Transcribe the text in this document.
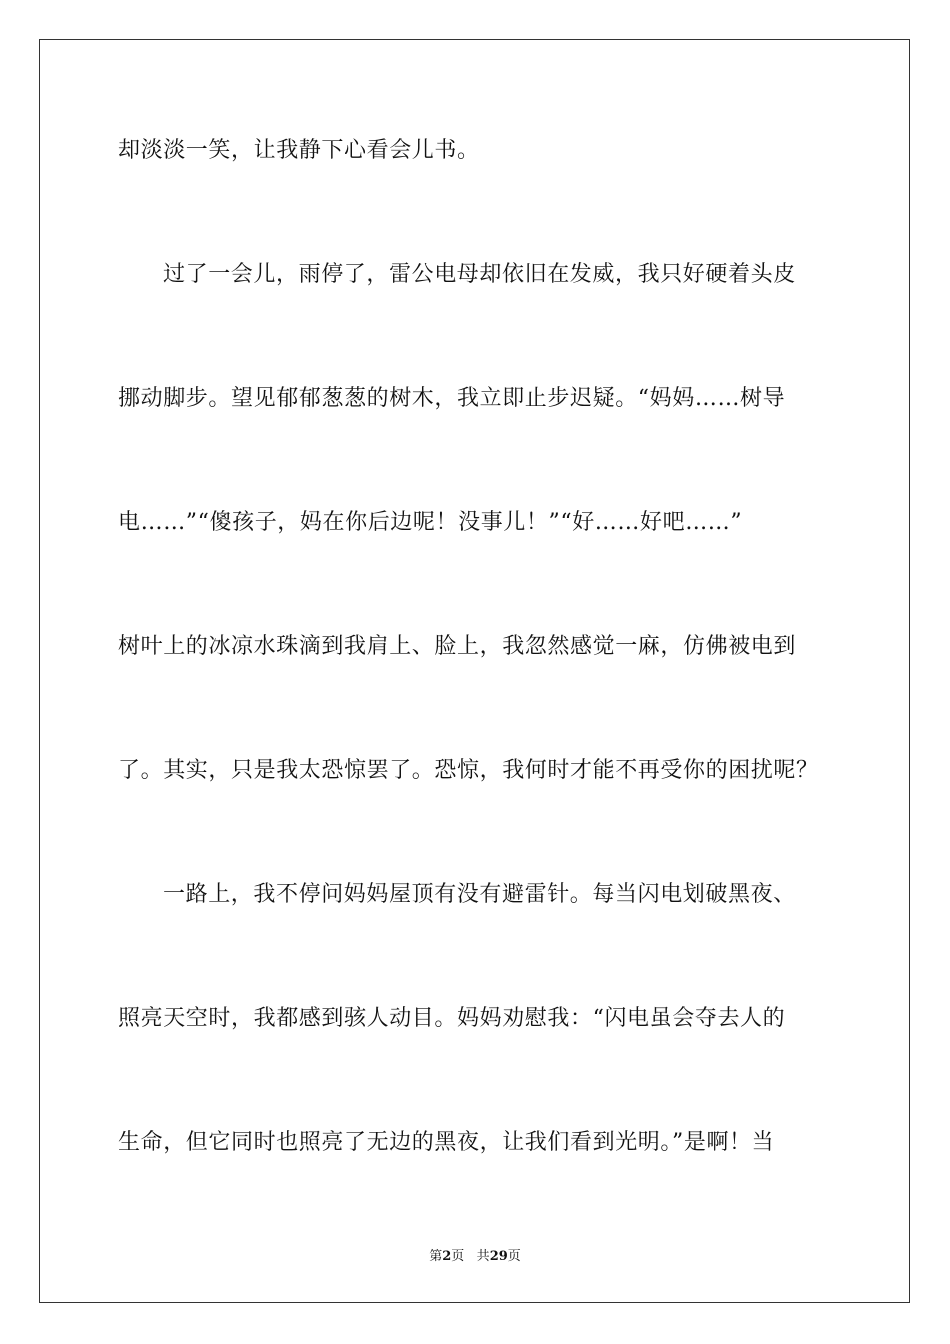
却淡淡一笑，让我静下心看会儿书。
过了一会儿，雨停了，雷公电母却依旧在发威，我只好硬着头皮
挪动脚步。望见郁郁葱葱的树木，我立即止步迟疑。“妈妈……树导
电……”“傻孩子，妈在你后边呢！没事儿！”“好……好吧……”
树叶上的冰凉水珠滴到我肩上、脸上，我忽然感觉一麻，仿佛被电到
了。其实，只是我太恐惊罢了。恐惊，我何时才能不再受你的困扰呢？
一路上，我不停问妈妈屋顶有没有避雷针。每当闪电划破黑夜、
照亮天空时，我都感到骇人动目。妈妈劝慰我：“闪电虽会夺去人的
生命，但它同时也照亮了无边的黑夜，让我们看到光明。”是啊！当
第2页 共29页
